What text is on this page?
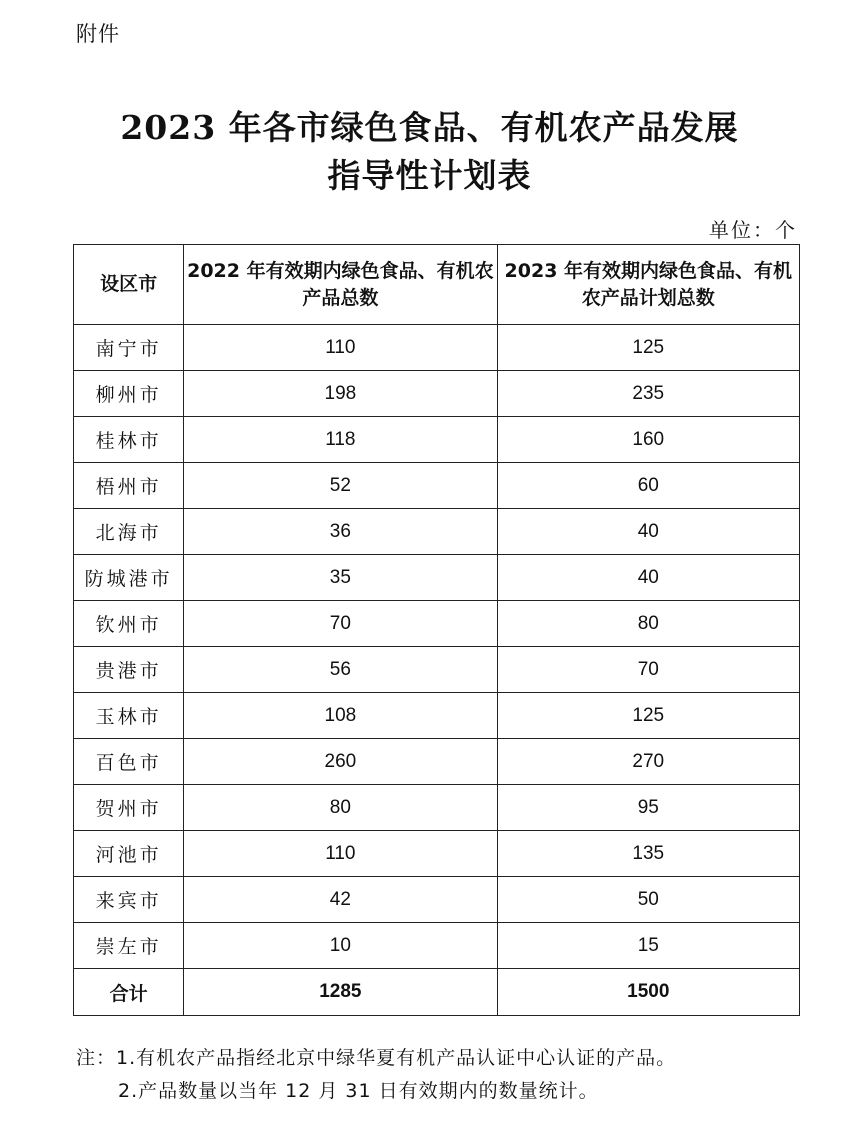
附件
2023 年各市绿色食品、有机农产品发展
指导性计划表
单位：个
设区市	2022 年有效期内绿色食品、有机农产品总数	2023 年有效期内绿色食品、有机农产品计划总数
南宁市	110	125
柳州市	198	235
桂林市	118	160
梧州市	52	60
北海市	36	40
防城港市	35	40
钦州市	70	80
贵港市	56	70
玉林市	108	125
百色市	260	270
贺州市	80	95
河池市	110	135
来宾市	42	50
崇左市	10	15
合计	1285	1500
注：1.有机农产品指经北京中绿华夏有机产品认证中心认证的产品。
2.产品数量以当年 12 月 31 日有效期内的数量统计。
